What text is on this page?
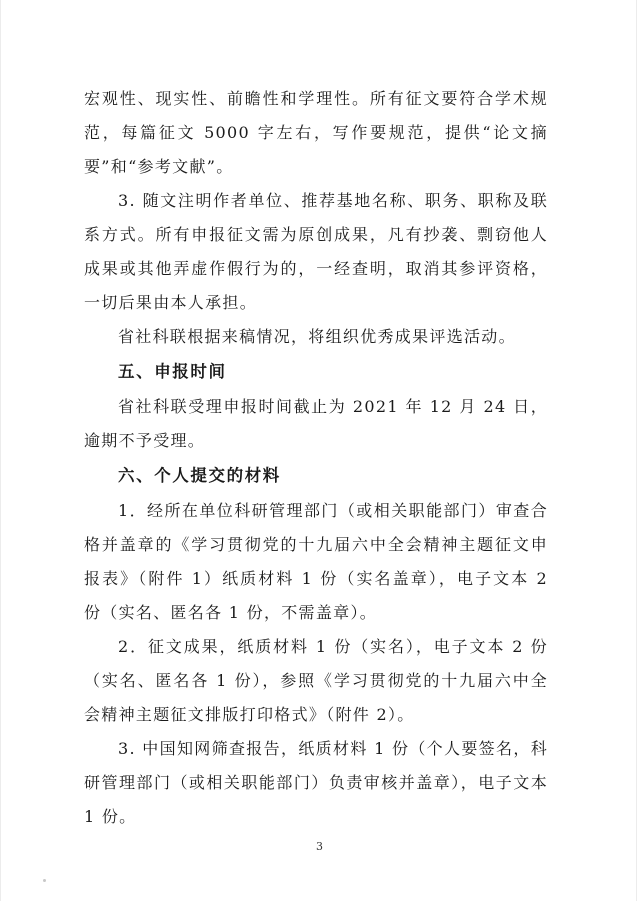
宏观性、现实性、前瞻性和学理性。所有征文要符合学术规范，每篇征文 5000 字左右，写作要规范，提供“论文摘要”和“参考文献”。

3. 随文注明作者单位、推荐基地名称、职务、职称及联系方式。所有申报征文需为原创成果，凡有抄袭、剽窃他人成果或其他弄虚作假行为的，一经查明，取消其参评资格，一切后果由本人承担。

省社科联根据来稿情况，将组织优秀成果评选活动。

五、申报时间

省社科联受理申报时间截止为 2021 年 12 月 24 日，逾期不予受理。

六、个人提交的材料

1．经所在单位科研管理部门（或相关职能部门）审查合格并盖章的《学习贯彻党的十九届六中全会精神主题征文申报表》（附件 1）纸质材料 1 份（实名盖章），电子文本 2 份（实名、匿名各 1 份，不需盖章）。

2．征文成果，纸质材料 1 份（实名），电子文本 2 份（实名、匿名各 1 份），参照《学习贯彻党的十九届六中全会精神主题征文排版打印格式》（附件 2）。

3. 中国知网筛查报告，纸质材料 1 份（个人要签名，科研管理部门（或相关职能部门）负责审核并盖章），电子文本 1 份。

3
